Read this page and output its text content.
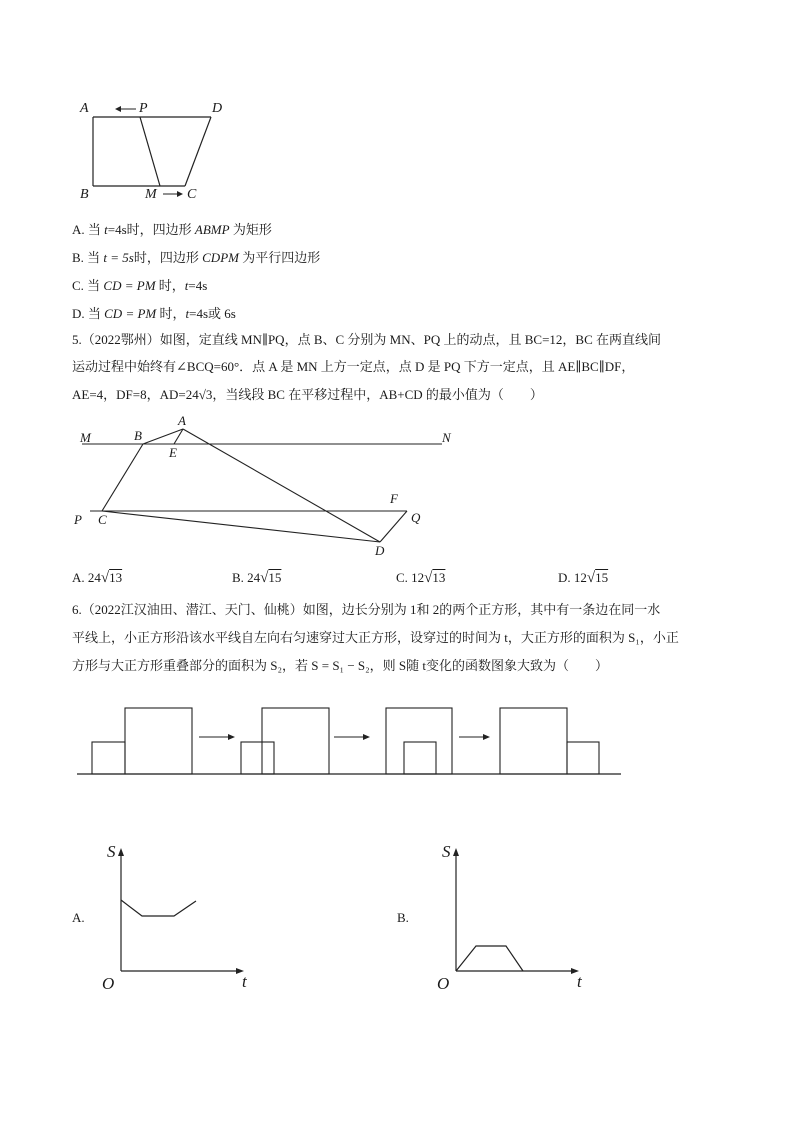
A	P	D
B	M C
A. 当 t=4s时，四边形 ABMP 为矩形
B. 当 t = 5s时，四边形 CDPM 为平行四边形
C. 当 CD = PM 时，t=4s
D. 当 CD = PM 时，t=4s或 6s
5.（2022鄂州）如图，定直线 MN∥PQ，点 B、C 分别为 MN、PQ 上的动点，且 BC=12，BC 在两直线间
运动过程中始终有∠BCQ=60°．点 A 是 MN 上方一定点，点 D 是 PQ 下方一定点，且 AE∥BC∥DF，
AE=4，DF=8，AD=24√3，当线段 BC 在平移过程中，AB+CD 的最小值为（　　）
M	B
A
E
N
F
P C	Q
D
A. 24√13	B. 24√15	C. 12√13	D. 12√15
6.（2022江汉油田、潜江、天门、仙桃）如图，边长分别为 1和 2的两个正方形，其中有一条边在同一水
平线上，小正方形沿该水平线自左向右匀速穿过大正方形，设穿过的时间为 t，大正方形的面积为 S₁，小正
方形与大正方形重叠部分的面积为 S₂，若 S = S₁ − S₂，则 S随 t变化的函数图象大致为（　　）
A.
S
t
O
B.
S
t
O
